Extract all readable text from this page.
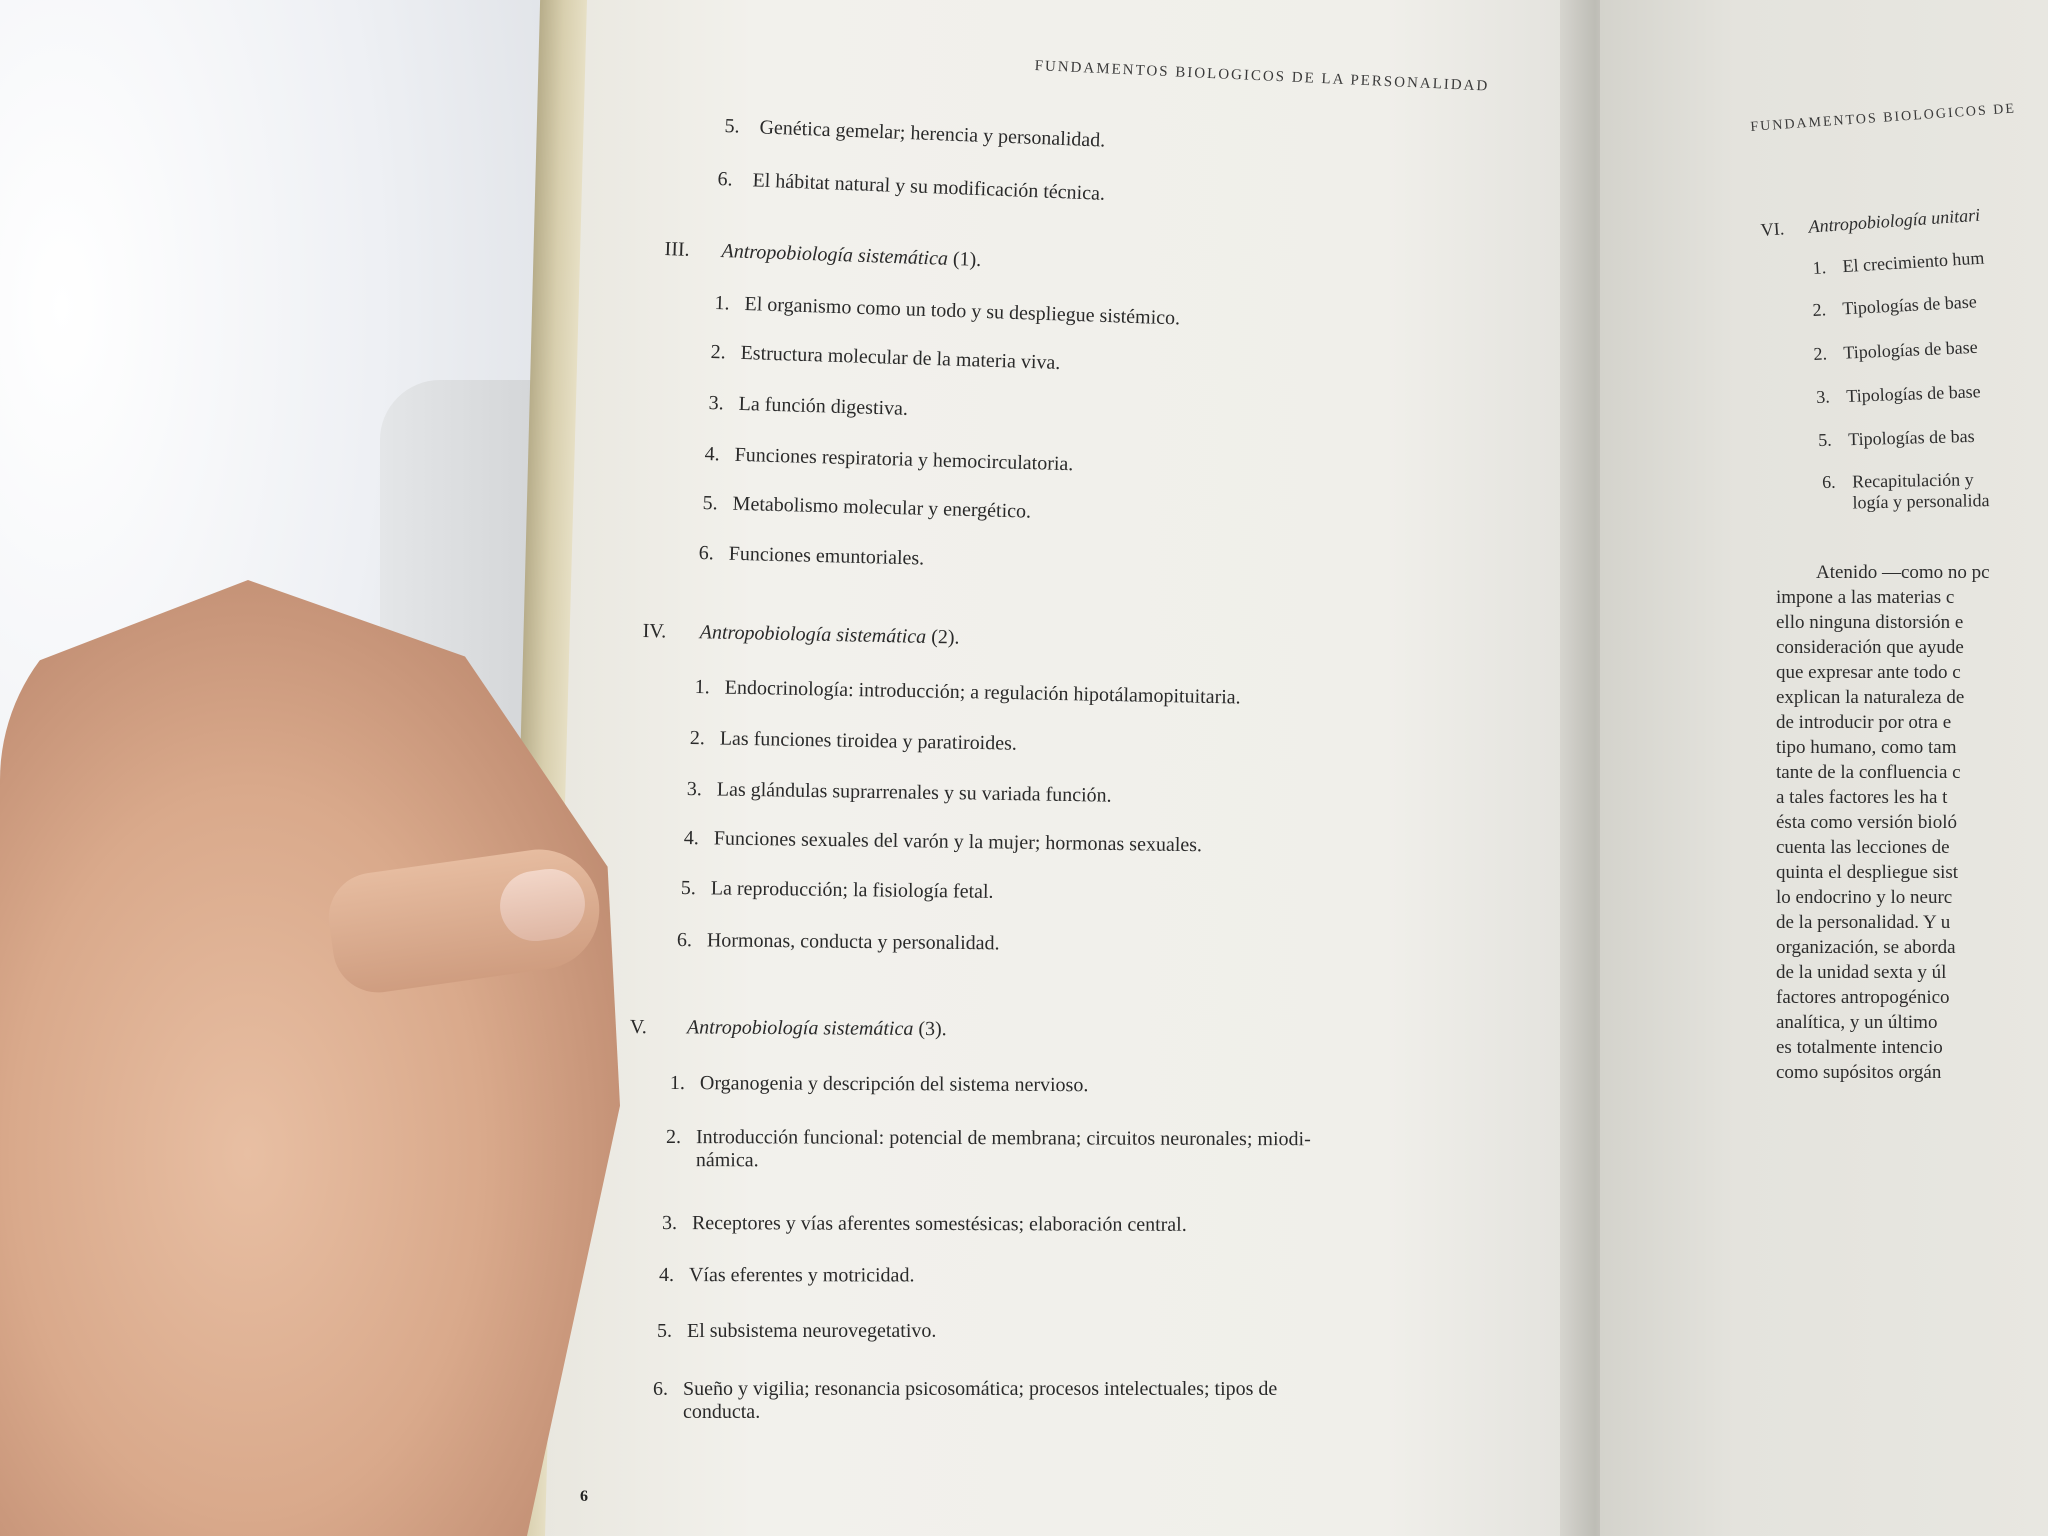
FUNDAMENTOS BIOLOGICOS DE LA PERSONALIDAD
5. Genética gemelar; herencia y personalidad.
6. El hábitat natural y su modificación técnica.
III. Antropobiología sistemática (1).
1. El organismo como un todo y su despliegue sistémico.
2. Estructura molecular de la materia viva.
3. La función digestiva.
4. Funciones respiratoria y hemocirculatoria.
5. Metabolismo molecular y energético.
6. Funciones emuntoriales.
IV. Antropobiología sistemática (2).
1. Endocrinología: introducción; a regulación hipotálamopituitaria.
2. Las funciones tiroidea y paratiroides.
3. Las glándulas suprarrenales y su variada función.
4. Funciones sexuales del varón y la mujer; hormonas sexuales.
5. La reproducción; la fisiología fetal.
6. Hormonas, conducta y personalidad.
V. Antropobiología sistemática (3).
1. Organogenia y descripción del sistema nervioso.
2. Introducción funcional: potencial de membrana; circuitos neuronales; miodi-
námica.
3. Receptores y vías aferentes somestésicas; elaboración central.
4. Vías eferentes y motricidad.
5. El subsistema neurovegetativo.
6. Sueño y vigilia; resonancia psicosomática; procesos intelectuales; tipos de
conducta.
6
FUNDAMENTOS BIOLOGICOS DE
VI. Antropobiología unitari
1. El crecimiento hum
2. Tipologías de base
2. Tipologías de base
3. Tipologías de base
5. Tipologías de bas
6. Recapitulación y
logía y personalida
Atenido —como no pc
impone a las materias c
ello ninguna distorsión e
consideración que ayude
que expresar ante todo c
explican la naturaleza de
de introducir por otra e
tipo humano, como tam
tante de la confluencia c
a tales factores les ha t
ésta como versión bioló
cuenta las lecciones de
quinta el despliegue sist
lo endocrino y lo neurc
de la personalidad. Y u
organización, se aborda
de la unidad sexta y úl
factores antropogénico
analítica, y un último
es totalmente intencio
como supósitos orgán
